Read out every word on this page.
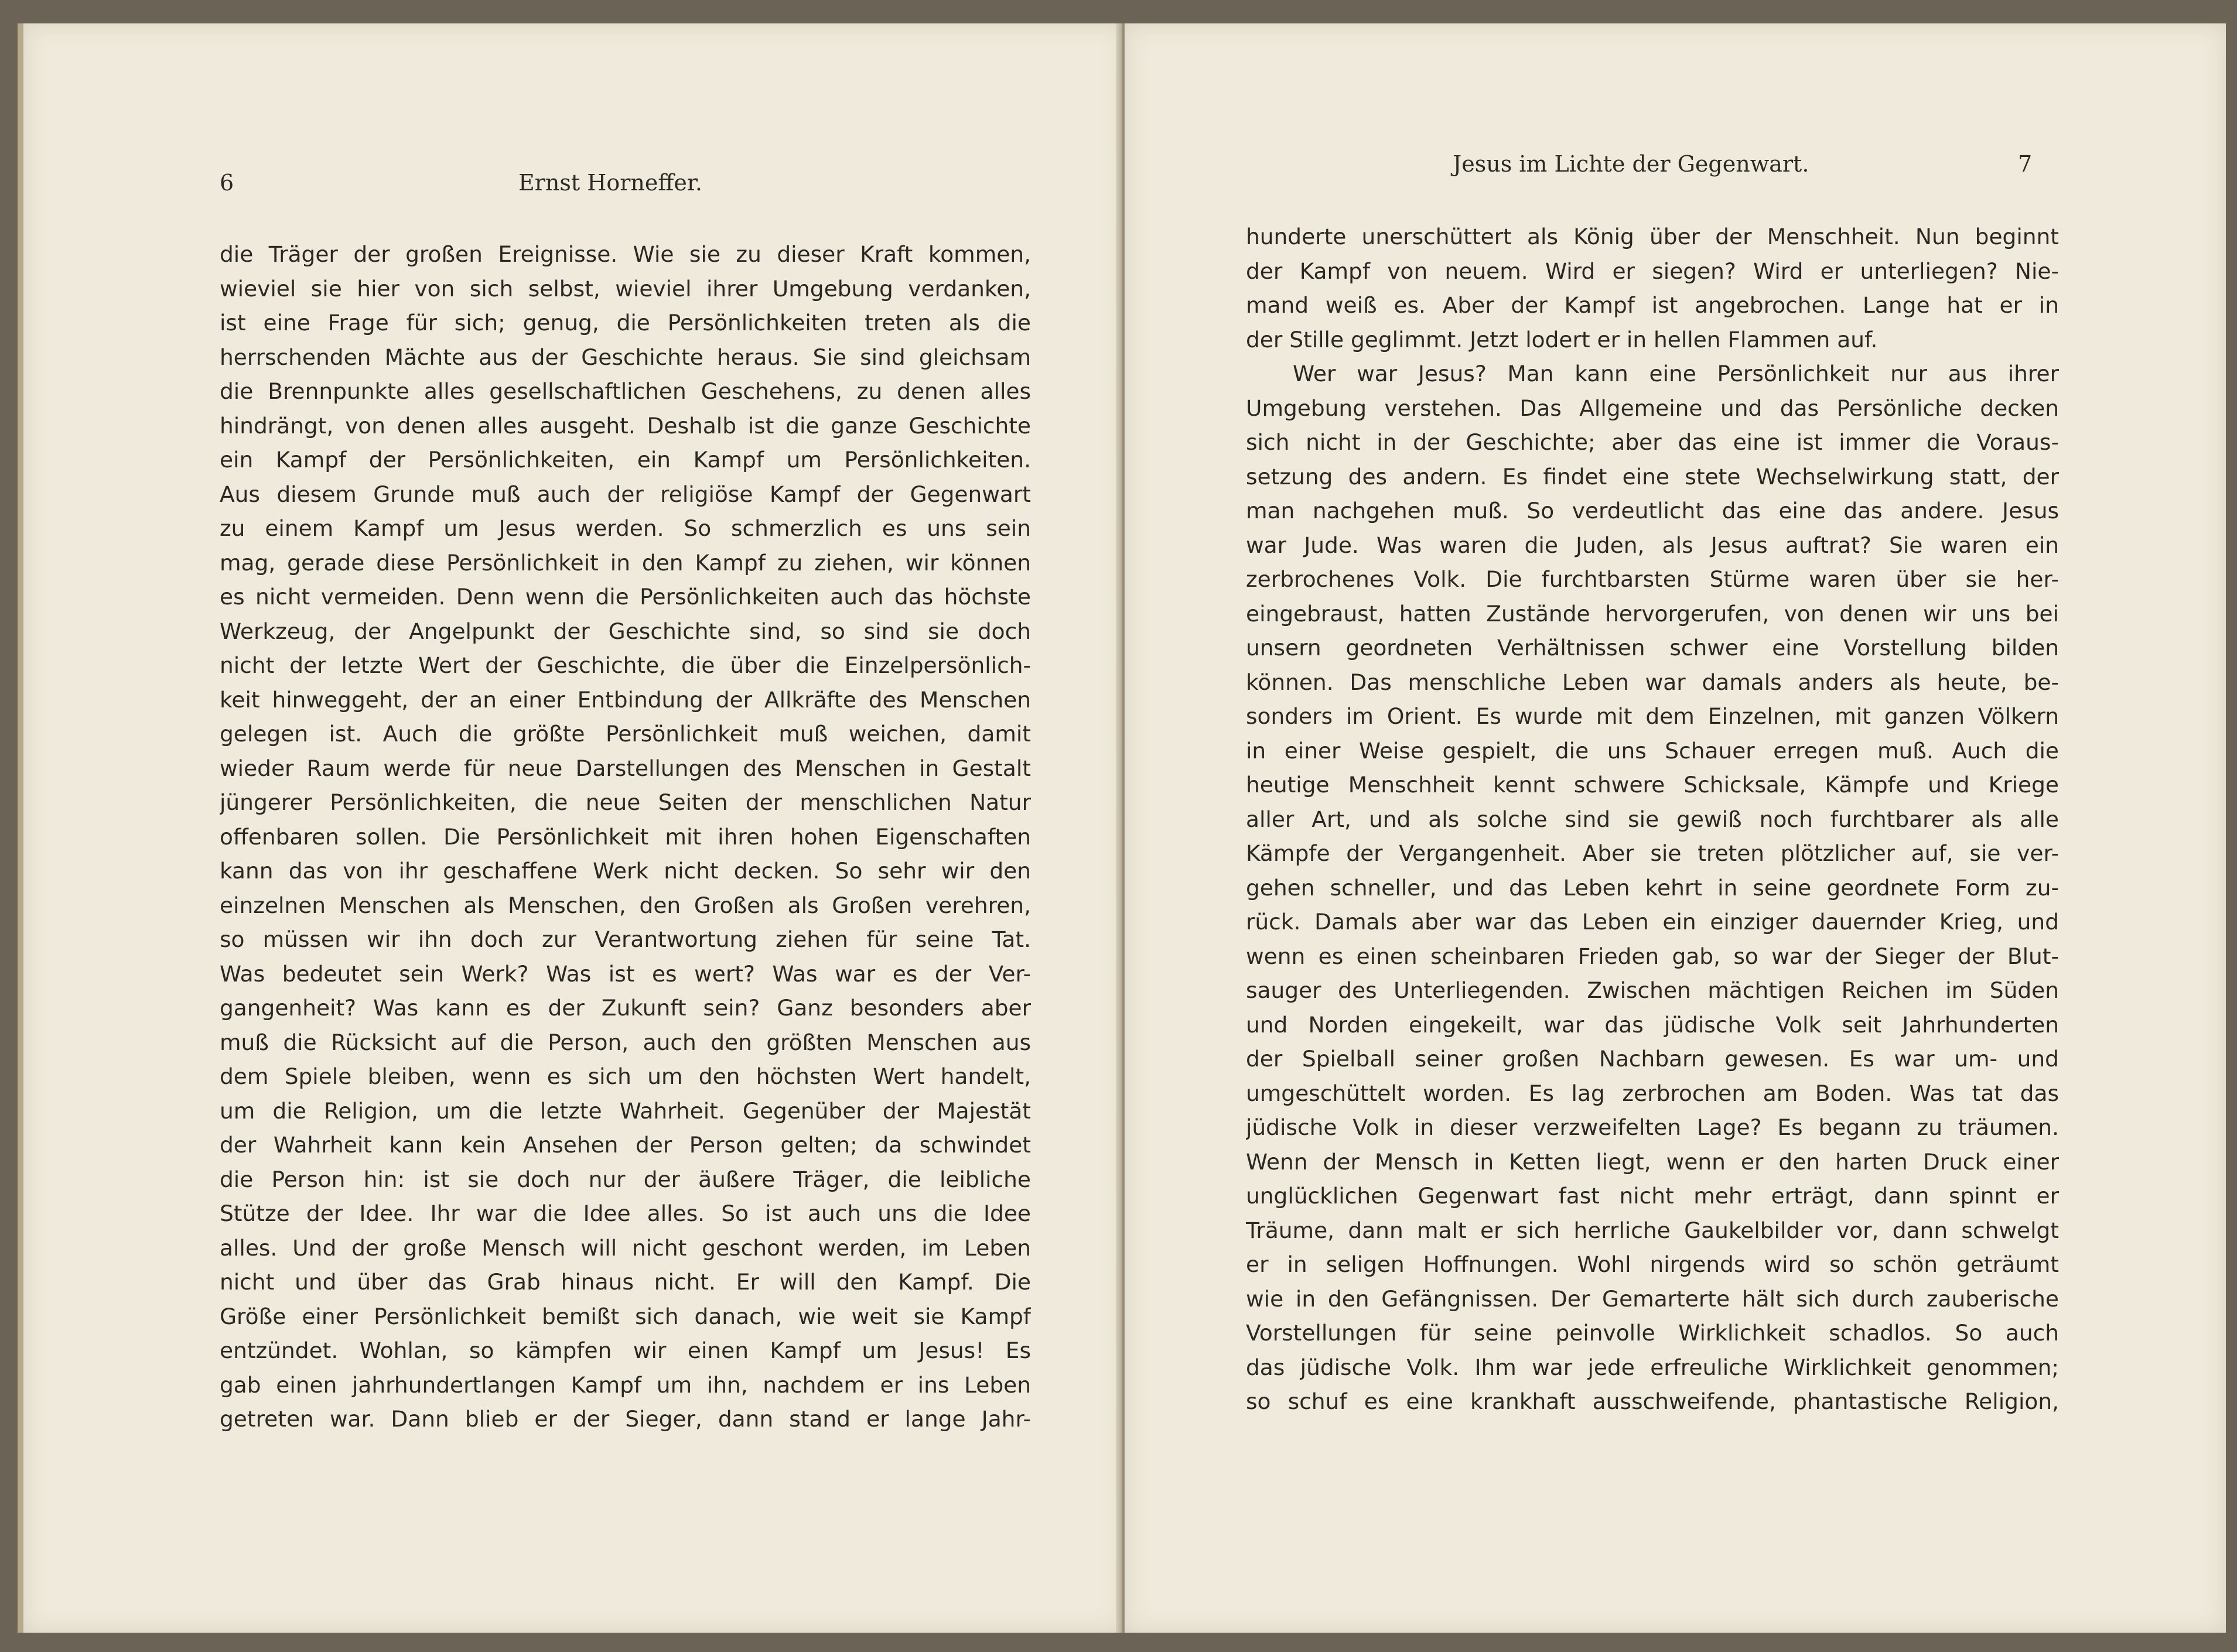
6	Ernst Horneffer.
die Träger der großen Ereignisse. Wie sie zu dieser Kraft kommen,
wieviel sie hier von sich selbst, wieviel ihrer Umgebung verdanken,
ist eine Frage für sich; genug, die Persönlichkeiten treten als die
herrschenden Mächte aus der Geschichte heraus. Sie sind gleichsam
die Brennpunkte alles gesellschaftlichen Geschehens, zu denen alles
hindrängt, von denen alles ausgeht. Deshalb ist die ganze Geschichte
ein Kampf der Persönlichkeiten, ein Kampf um Persönlichkeiten.
Aus diesem Grunde muß auch der religiöse Kampf der Gegenwart
zu einem Kampf um Jesus werden. So schmerzlich es uns sein
mag, gerade diese Persönlichkeit in den Kampf zu ziehen, wir können
es nicht vermeiden. Denn wenn die Persönlichkeiten auch das höchste
Werkzeug, der Angelpunkt der Geschichte sind, so sind sie doch
nicht der letzte Wert der Geschichte, die über die Einzelpersönlich-
keit hinweggeht, der an einer Entbindung der Allkräfte des Menschen
gelegen ist. Auch die größte Persönlichkeit muß weichen, damit
wieder Raum werde für neue Darstellungen des Menschen in Gestalt
jüngerer Persönlichkeiten, die neue Seiten der menschlichen Natur
offenbaren sollen. Die Persönlichkeit mit ihren hohen Eigenschaften
kann das von ihr geschaffene Werk nicht decken. So sehr wir den
einzelnen Menschen als Menschen, den Großen als Großen verehren,
so müssen wir ihn doch zur Verantwortung ziehen für seine Tat.
Was bedeutet sein Werk? Was ist es wert? Was war es der Ver-
gangenheit? Was kann es der Zukunft sein? Ganz besonders aber
muß die Rücksicht auf die Person, auch den größten Menschen aus
dem Spiele bleiben, wenn es sich um den höchsten Wert handelt,
um die Religion, um die letzte Wahrheit. Gegenüber der Majestät
der Wahrheit kann kein Ansehen der Person gelten; da schwindet
die Person hin: ist sie doch nur der äußere Träger, die leibliche
Stütze der Idee. Ihr war die Idee alles. So ist auch uns die Idee
alles. Und der große Mensch will nicht geschont werden, im Leben
nicht und über das Grab hinaus nicht. Er will den Kampf. Die
Größe einer Persönlichkeit bemißt sich danach, wie weit sie Kampf
entzündet. Wohlan, so kämpfen wir einen Kampf um Jesus! Es
gab einen jahrhundertlangen Kampf um ihn, nachdem er ins Leben
getreten war. Dann blieb er der Sieger, dann stand er lange Jahr-
Jesus im Lichte der Gegenwart.	7
hunderte unerschüttert als König über der Menschheit. Nun beginnt
der Kampf von neuem. Wird er siegen? Wird er unterliegen? Nie-
mand weiß es. Aber der Kampf ist angebrochen. Lange hat er in
der Stille geglimmt. Jetzt lodert er in hellen Flammen auf.
Wer war Jesus? Man kann eine Persönlichkeit nur aus ihrer
Umgebung verstehen. Das Allgemeine und das Persönliche decken
sich nicht in der Geschichte; aber das eine ist immer die Voraus-
setzung des andern. Es findet eine stete Wechselwirkung statt, der
man nachgehen muß. So verdeutlicht das eine das andere. Jesus
war Jude. Was waren die Juden, als Jesus auftrat? Sie waren ein
zerbrochenes Volk. Die furchtbarsten Stürme waren über sie her-
eingebraust, hatten Zustände hervorgerufen, von denen wir uns bei
unsern geordneten Verhältnissen schwer eine Vorstellung bilden
können. Das menschliche Leben war damals anders als heute, be-
sonders im Orient. Es wurde mit dem Einzelnen, mit ganzen Völkern
in einer Weise gespielt, die uns Schauer erregen muß. Auch die
heutige Menschheit kennt schwere Schicksale, Kämpfe und Kriege
aller Art, und als solche sind sie gewiß noch furchtbarer als alle
Kämpfe der Vergangenheit. Aber sie treten plötzlicher auf, sie ver-
gehen schneller, und das Leben kehrt in seine geordnete Form zu-
rück. Damals aber war das Leben ein einziger dauernder Krieg, und
wenn es einen scheinbaren Frieden gab, so war der Sieger der Blut-
sauger des Unterliegenden. Zwischen mächtigen Reichen im Süden
und Norden eingekeilt, war das jüdische Volk seit Jahrhunderten
der Spielball seiner großen Nachbarn gewesen. Es war um- und
umgeschüttelt worden. Es lag zerbrochen am Boden. Was tat das
jüdische Volk in dieser verzweifelten Lage? Es begann zu träumen.
Wenn der Mensch in Ketten liegt, wenn er den harten Druck einer
unglücklichen Gegenwart fast nicht mehr erträgt, dann spinnt er
Träume, dann malt er sich herrliche Gaukelbilder vor, dann schwelgt
er in seligen Hoffnungen. Wohl nirgends wird so schön geträumt
wie in den Gefängnissen. Der Gemarterte hält sich durch zauberische
Vorstellungen für seine peinvolle Wirklichkeit schadlos. So auch
das jüdische Volk. Ihm war jede erfreuliche Wirklichkeit genommen;
so schuf es eine krankhaft ausschweifende, phantastische Religion,
